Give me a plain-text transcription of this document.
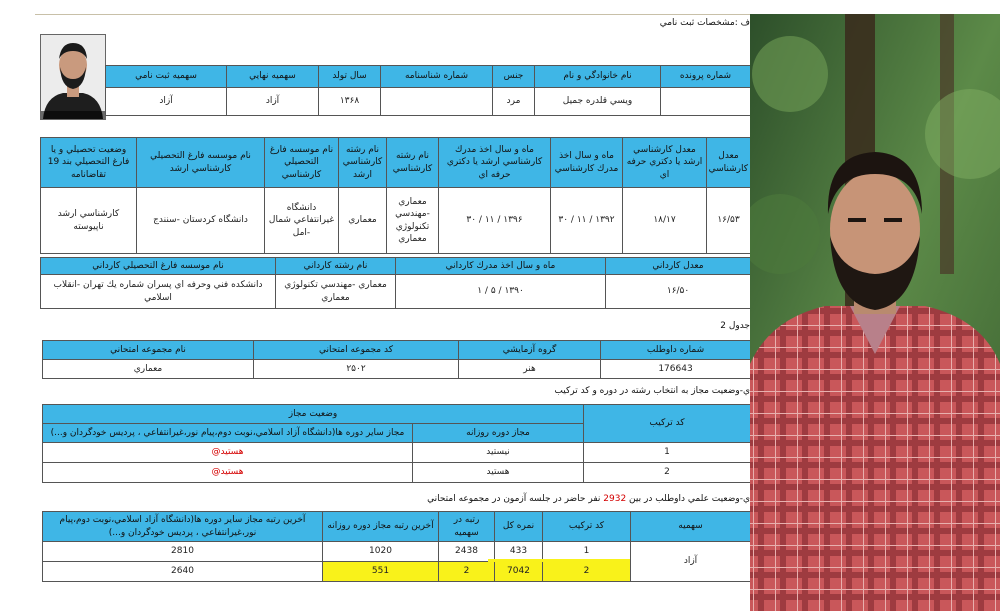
ف :مشخصات ثبت نامي
شماره پرونده	نام خانوادگي و نام	جنس	شماره شناسنامه	سال تولد	سهميه نهايي	سهميه ثبت نامي
	ويسي قلدره جميل	مرد		۱۳۶۸	آزاد	آزاد
معدل كارشناسي	معدل كارشناسي ارشد يا دكتري حرفه اي	ماه و سال اخذ مدرك كارشناسي	ماه و سال اخذ مدرك كارشناسي ارشد يا دكتري حرفه اي	نام رشته كارشناسي	نام رشته كارشناسي ارشد	نام موسسه فارغ التحصيلي كارشناسي	نام موسسه فارغ التحصيلي كارشناسي ارشد	وضعيت تحصيلي و يا فارغ التحصيلي بند 19 تقاضانامه
۱۶/۵۳	۱۸/۱۷	۱۳۹۲ / ۱۱ / ۳۰	۱۳۹۶ / ۱۱ / ۳۰	معماري -مهندسي تكنولوژي معماري	معماري	دانشگاه غيرانتفاعي شمال -امل	دانشگاه كردستان -سنندج	كارشناسي ارشد ناپيوسته
معدل كارداني	ماه و سال اخذ مدرك كارداني	نام رشته كارداني	نام موسسه فارغ التحصيلي كارداني
۱۶/۵۰	۱۳۹۰ / ۵ / ۱	معماري -مهندسي تكنولوژي معماري	دانشكده فني وحرفه اي پسران شماره يك تهران -انقلاب اسلامي
جدول 2
شماره داوطلب	گروه آزمايشي	كد مجموعه امتحاني	نام مجموعه امتحاني
176643	هنر	۲۵۰۲	معماري
ي-وضعيت مجاز به انتخاب رشته در دوره و كد تركيب
كد تركيب	وضعيت مجاز	
	مجاز دوره روزانه	مجاز ساير دوره ها(دانشگاه آزاد اسلامي،نوبت دوم،پيام نور،غيرانتفاعي ، پرديس خودگردان و...)
1	نيستيد	هستيد@
2	هستيد	هستيد@
ي-وضعيت علمي داوطلب در بين 2932 نفر حاضر در جلسه آزمون در مجموعه امتحاني
سهميه	كد تركيب	نمره كل	رتبه در سهميه	آخرين رتبه مجاز دوره روزانه	آخرين رتبه مجاز ساير دوره ها(دانشگاه آزاد اسلامي،نوبت دوم،پيام نور،غيرانتفاعي ، پرديس خودگردان و...)
آزاد	1	433	2438	1020	2810
	2	7042	2	551	2640
